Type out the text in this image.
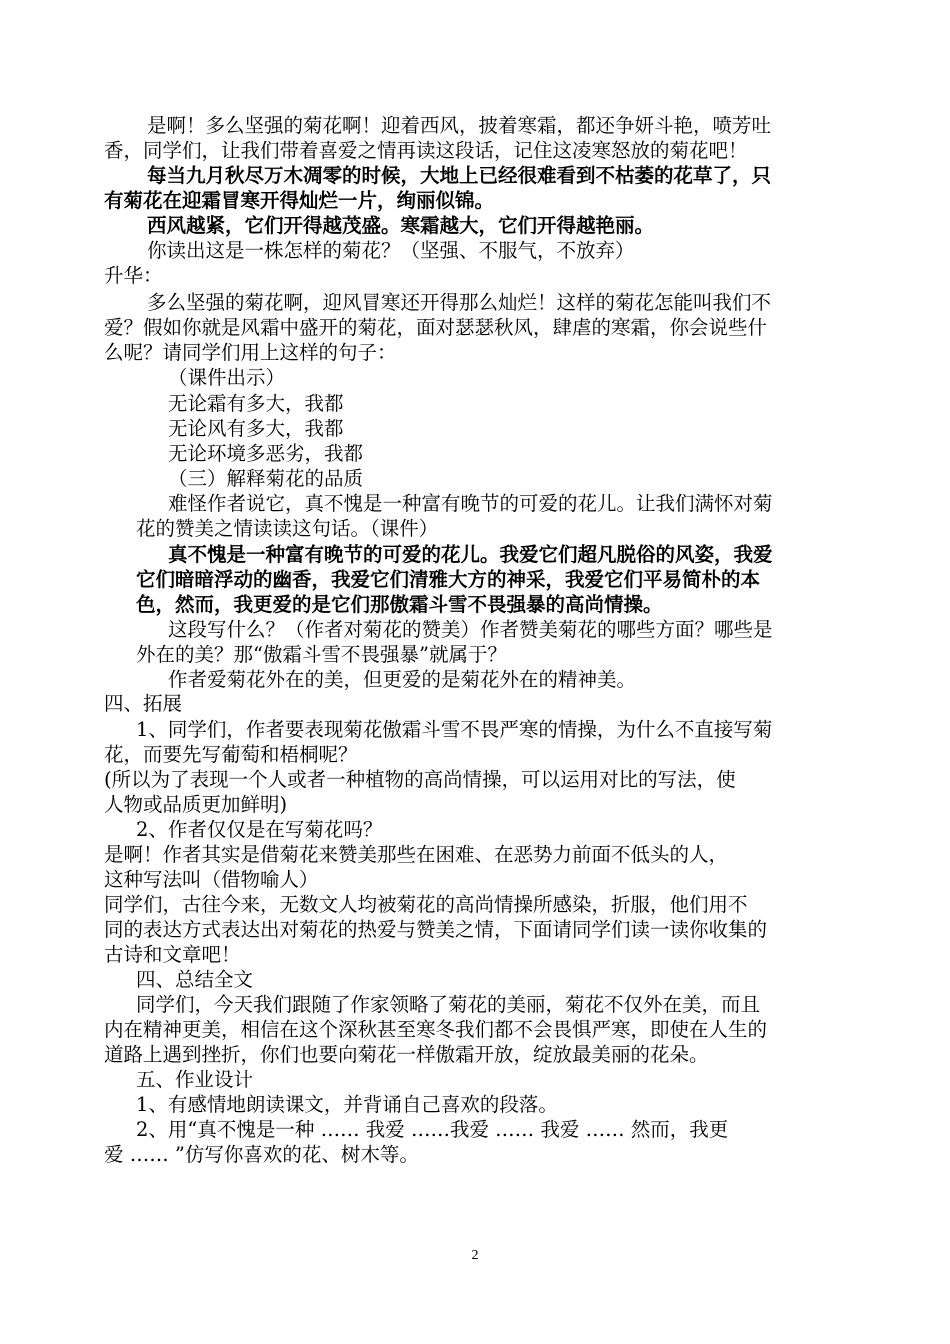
是啊！多么坚强的菊花啊！迎着西风，披着寒霜，都还争妍斗艳，喷芳吐
香，同学们，让我们带着喜爱之情再读这段话，记住这凌寒怒放的菊花吧！
每当九月秋尽万木凋零的时候，大地上已经很难看到不枯萎的花草了，只
有菊花在迎霜冒寒开得灿烂一片，绚丽似锦。
西风越紧，它们开得越茂盛。寒霜越大，它们开得越艳丽。
你读出这是一株怎样的菊花？（坚强、不服气，不放弃）
升华：
多么坚强的菊花啊，迎风冒寒还开得那么灿烂！这样的菊花怎能叫我们不
爱？假如你就是风霜中盛开的菊花，面对瑟瑟秋风，肆虐的寒霜，你会说些什
么呢？请同学们用上这样的句子：
（课件出示）
无论霜有多大，我都
无论风有多大，我都
无论环境多恶劣，我都
（三）解释菊花的品质
难怪作者说它，真不愧是一种富有晚节的可爱的花儿。让我们满怀对菊
花的赞美之情读读这句话。（课件）
真不愧是一种富有晚节的可爱的花儿。我爱它们超凡脱俗的风姿，我爱
它们暗暗浮动的幽香，我爱它们清雅大方的神采，我爱它们平易简朴的本
色，然而，我更爱的是它们那傲霜斗雪不畏强暴的高尚情操。
这段写什么？（作者对菊花的赞美）作者赞美菊花的哪些方面？哪些是
外在的美？那“傲霜斗雪不畏强暴”就属于？
作者爱菊花外在的美，但更爱的是菊花外在的精神美。
四、拓展
1、同学们，作者要表现菊花傲霜斗雪不畏严寒的情操，为什么不直接写菊
花，而要先写葡萄和梧桐呢？
(所以为了表现一个人或者一种植物的高尚情操，可以运用对比的写法，使
人物或品质更加鲜明)
2、作者仅仅是在写菊花吗？
是啊！作者其实是借菊花来赞美那些在困难、在恶势力前面不低头的人，
这种写法叫（借物喻人）
同学们，古往今来，无数文人均被菊花的高尚情操所感染，折服，他们用不
同的表达方式表达出对菊花的热爱与赞美之情，下面请同学们读一读你收集的
古诗和文章吧！
四、总结全文
同学们，今天我们跟随了作家领略了菊花的美丽，菊花不仅外在美，而且
内在精神更美，相信在这个深秋甚至寒冬我们都不会畏惧严寒，即使在人生的
道路上遇到挫折，你们也要向菊花一样傲霜开放，绽放最美丽的花朵。
五、作业设计
1、有感情地朗读课文，并背诵自己喜欢的段落。
2、用“真不愧是一种 …… 我爱 ……我爱 …… 我爱 …… 然而，我更
爱 …… ”仿写你喜欢的花、树木等。
2
